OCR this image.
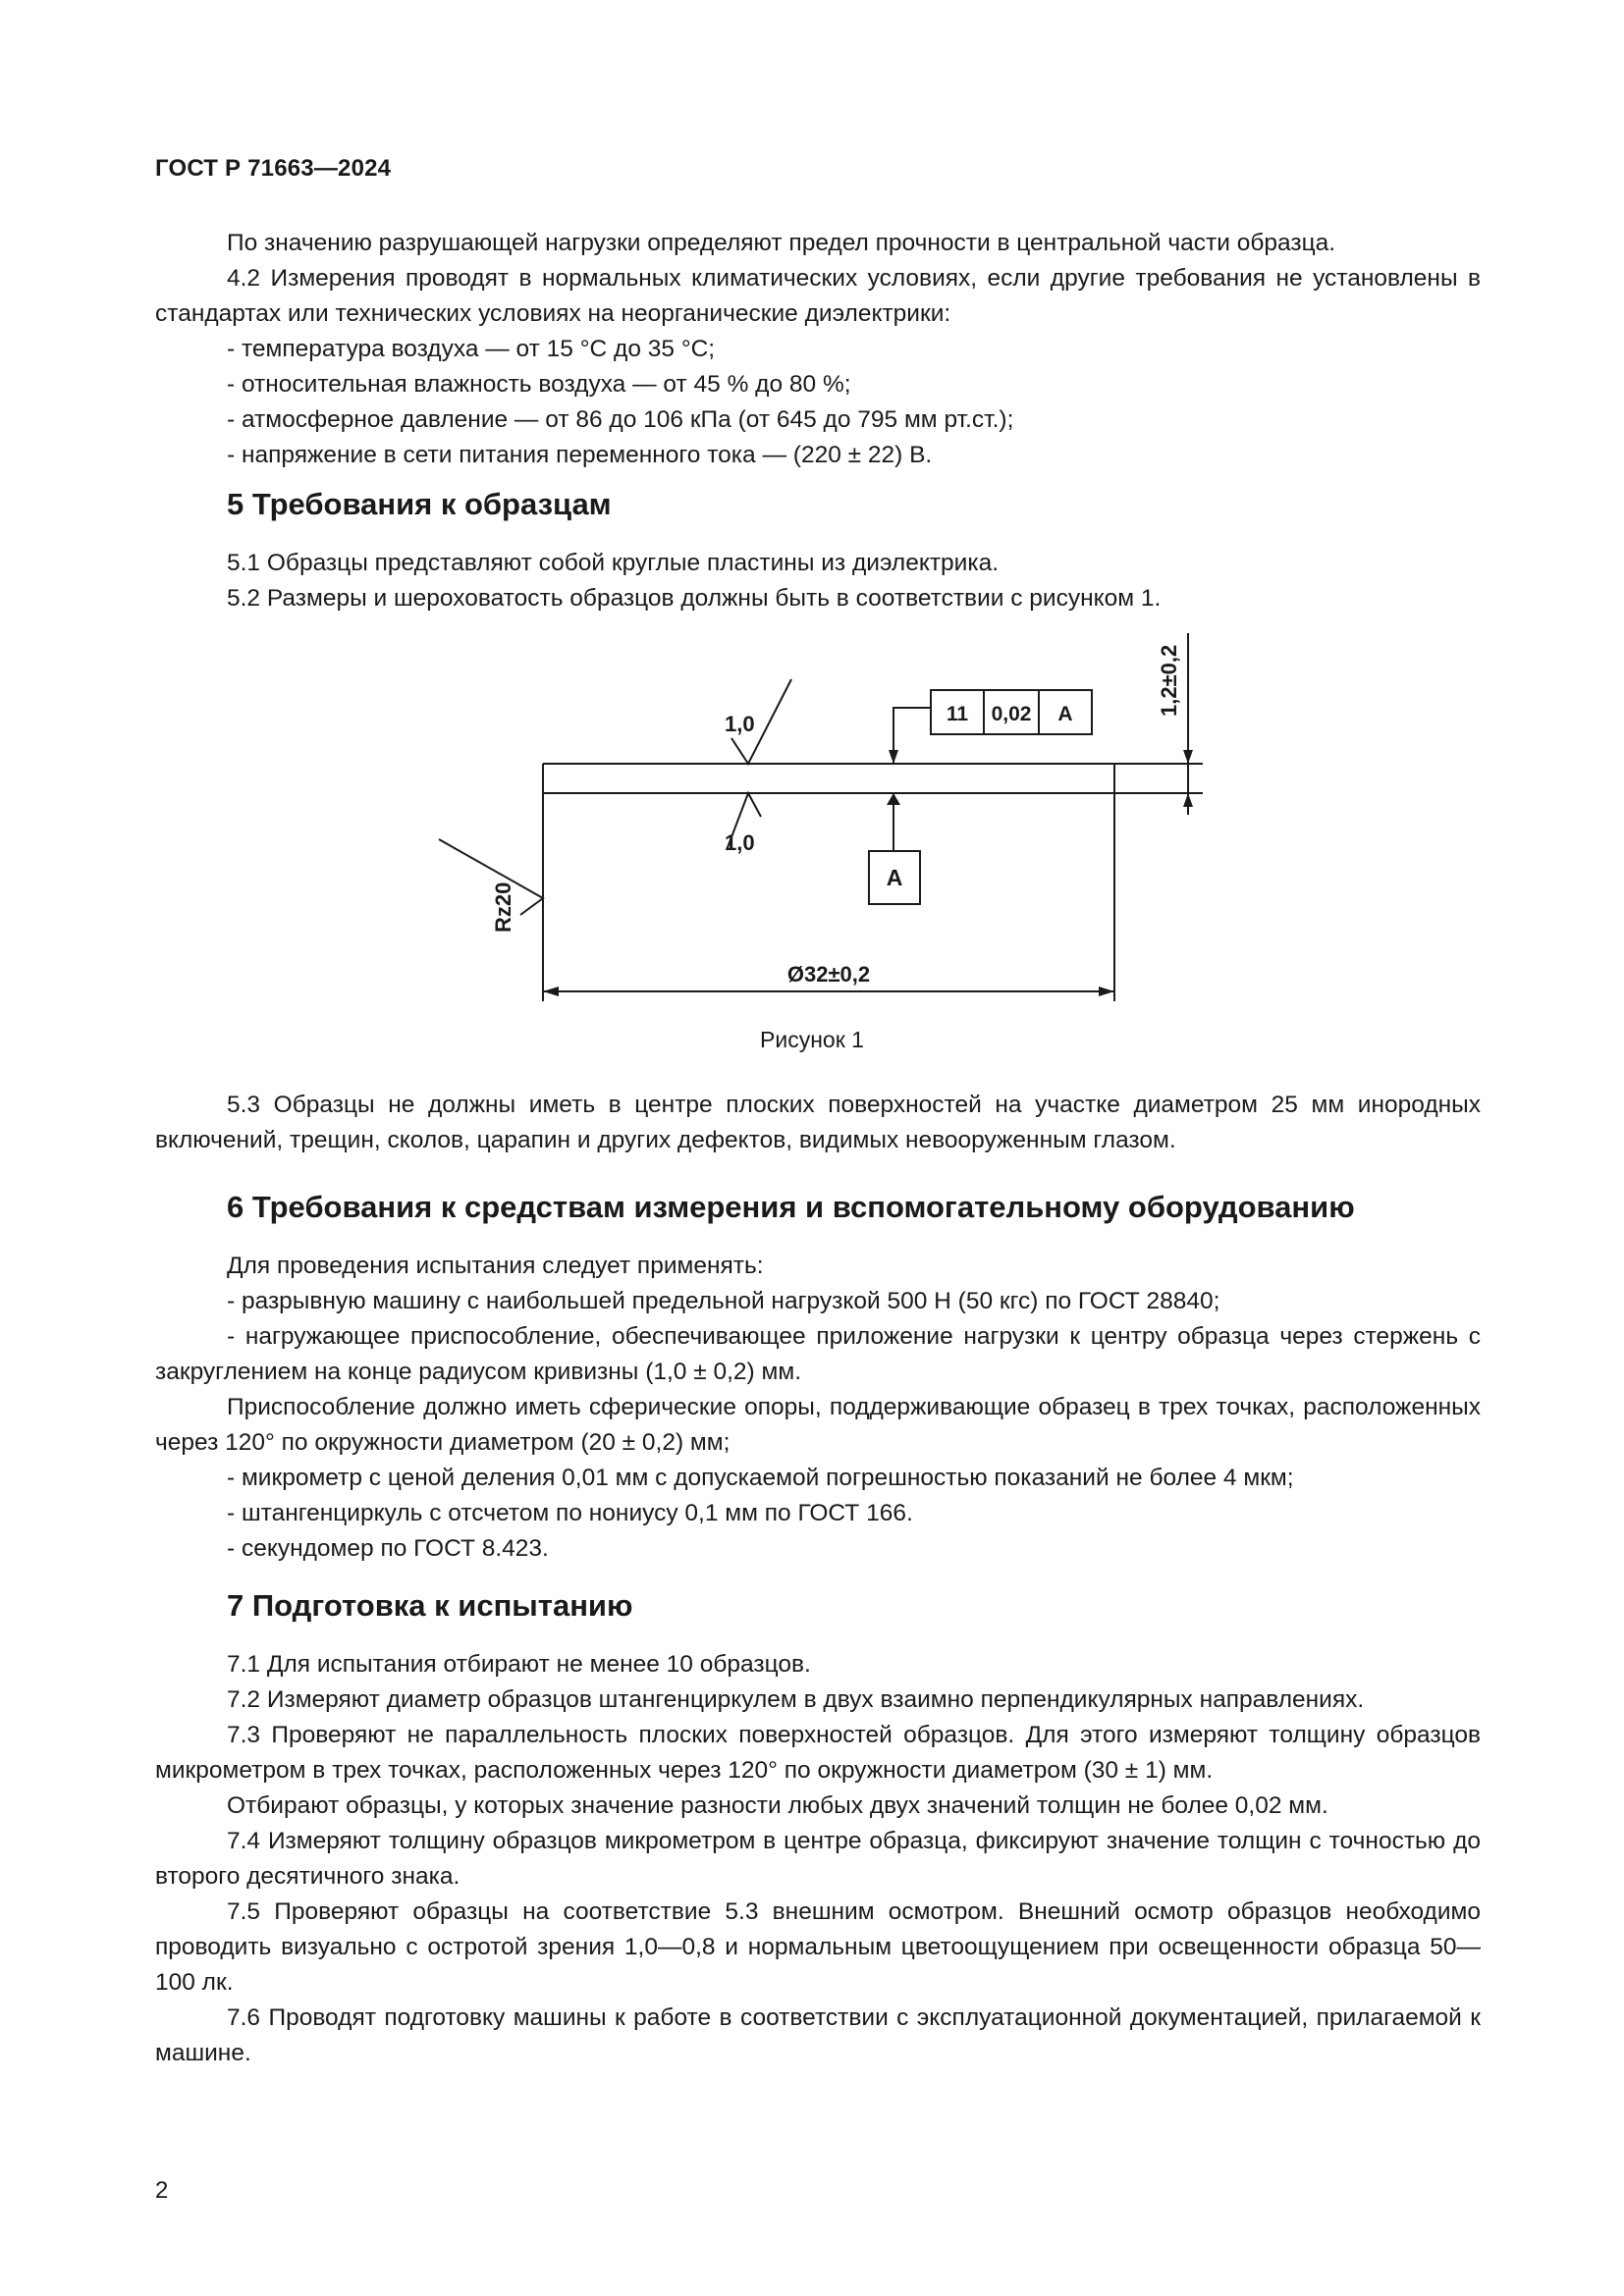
ГОСТ Р 71663—2024

По значению разрушающей нагрузки определяют предел прочности в центральной части образца.

4.2 Измерения проводят в нормальных климатических условиях, если другие требования не установлены в стандартах или технических условиях на неорганические диэлектрики:

- температура воздуха — от 15 °С до 35 °С;

- относительная влажность воздуха — от 45 % до 80 %;

- атмосферное давление — от 86 до 106 кПа (от 645 до 795 мм рт.ст.);

- напряжение в сети питания переменного тока — (220 ± 22) В.

5 Требования к образцам

5.1 Образцы представляют собой круглые пластины из диэлектрика.

5.2 Размеры и шероховатость образцов должны быть в соответствии с рисунком 1.

1,0
1,0
Rz20
11 0,02 A
A
1,2±0,2
Ø32±0,2
Рисунок 1

5.3 Образцы не должны иметь в центре плоских поверхностей на участке диаметром 25 мм инородных включений, трещин, сколов, царапин и других дефектов, видимых невооруженным глазом.

6 Требования к средствам измерения и вспомогательному оборудованию

Для проведения испытания следует применять:

- разрывную машину с наибольшей предельной нагрузкой 500 Н (50 кгс) по ГОСТ 28840;

- нагружающее приспособление, обеспечивающее приложение нагрузки к центру образца через стержень с закруглением на конце радиусом кривизны (1,0 ± 0,2) мм.

Приспособление должно иметь сферические опоры, поддерживающие образец в трех точках, расположенных через 120° по окружности диаметром (20 ± 0,2) мм;

- микрометр с ценой деления 0,01 мм с допускаемой погрешностью показаний не более 4 мкм;

- штангенциркуль с отсчетом по нониусу 0,1 мм по ГОСТ 166.

- секундомер по ГОСТ 8.423.

7 Подготовка к испытанию

7.1 Для испытания отбирают не менее 10 образцов.

7.2 Измеряют диаметр образцов штангенциркулем в двух взаимно перпендикулярных направлениях.

7.3 Проверяют не параллельность плоских поверхностей образцов. Для этого измеряют толщину образцов микрометром в трех точках, расположенных через 120° по окружности диаметром (30 ± 1) мм.

Отбирают образцы, у которых значение разности любых двух значений толщин не более 0,02 мм.

7.4 Измеряют толщину образцов микрометром в центре образца, фиксируют значение толщин с точностью до второго десятичного знака.

7.5 Проверяют образцы на соответствие 5.3 внешним осмотром. Внешний осмотр образцов необходимо проводить визуально с остротой зрения 1,0—0,8 и нормальным цветоощущением при освещенности образца 50—100 лк.

7.6 Проводят подготовку машины к работе в соответствии с эксплуатационной документацией, прилагаемой к машине.

2
